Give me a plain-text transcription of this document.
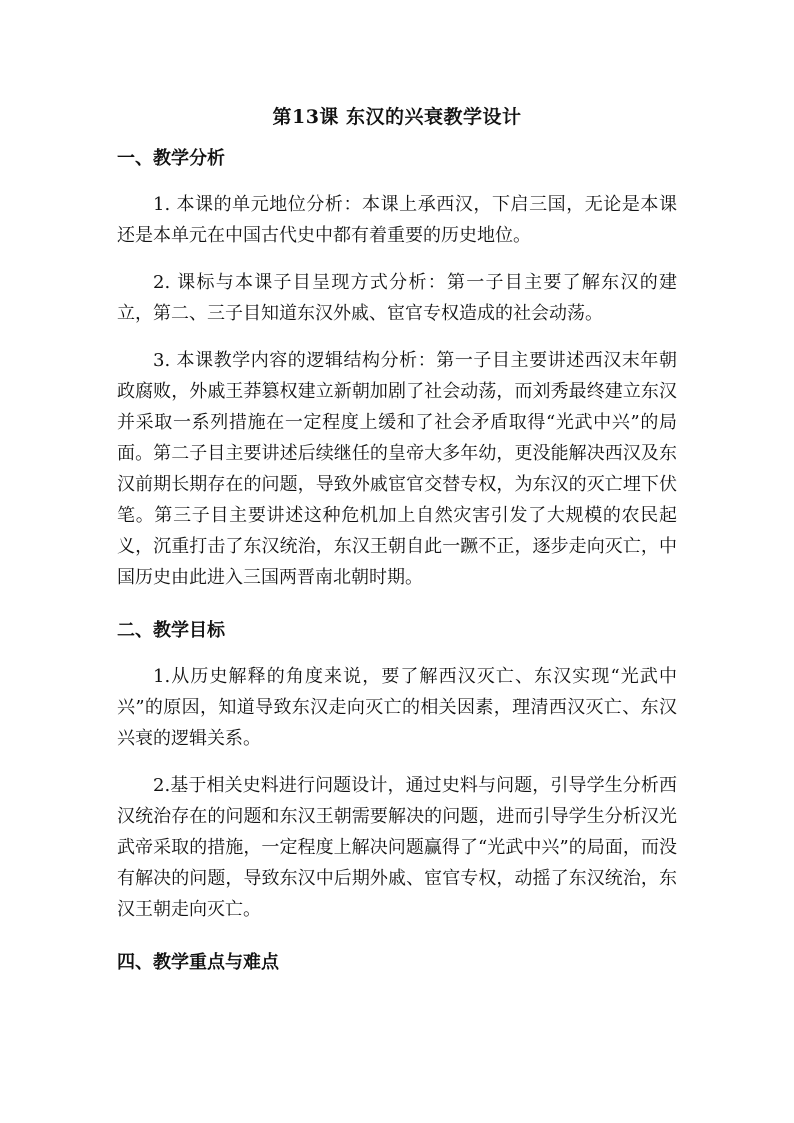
第13课 东汉的兴衰教学设计
一、教学分析

1. 本课的单元地位分析：本课上承西汉，下启三国，无论是本课还是本单元在中国古代史中都有着重要的历史地位。

2. 课标与本课子目呈现方式分析：第一子目主要了解东汉的建立，第二、三子目知道东汉外戚、宦官专权造成的社会动荡。

3. 本课教学内容的逻辑结构分析：第一子目主要讲述西汉末年朝政腐败，外戚王莽篡权建立新朝加剧了社会动荡，而刘秀最终建立东汉并采取一系列措施在一定程度上缓和了社会矛盾取得“光武中兴”的局面。第二子目主要讲述后续继任的皇帝大多年幼，更没能解决西汉及东汉前期长期存在的问题，导致外戚宦官交替专权，为东汉的灭亡埋下伏笔。第三子目主要讲述这种危机加上自然灾害引发了大规模的农民起义，沉重打击了东汉统治，东汉王朝自此一蹶不正，逐步走向灭亡，中国历史由此进入三国两晋南北朝时期。

二、教学目标

1.从历史解释的角度来说，要了解西汉灭亡、东汉实现“光武中兴”的原因，知道导致东汉走向灭亡的相关因素，理清西汉灭亡、东汉兴衰的逻辑关系。

2.基于相关史料进行问题设计，通过史料与问题，引导学生分析西汉统治存在的问题和东汉王朝需要解决的问题，进而引导学生分析汉光武帝采取的措施，一定程度上解决问题赢得了“光武中兴”的局面，而没有解决的问题，导致东汉中后期外戚、宦官专权，动摇了东汉统治，东汉王朝走向灭亡。

四、教学重点与难点
